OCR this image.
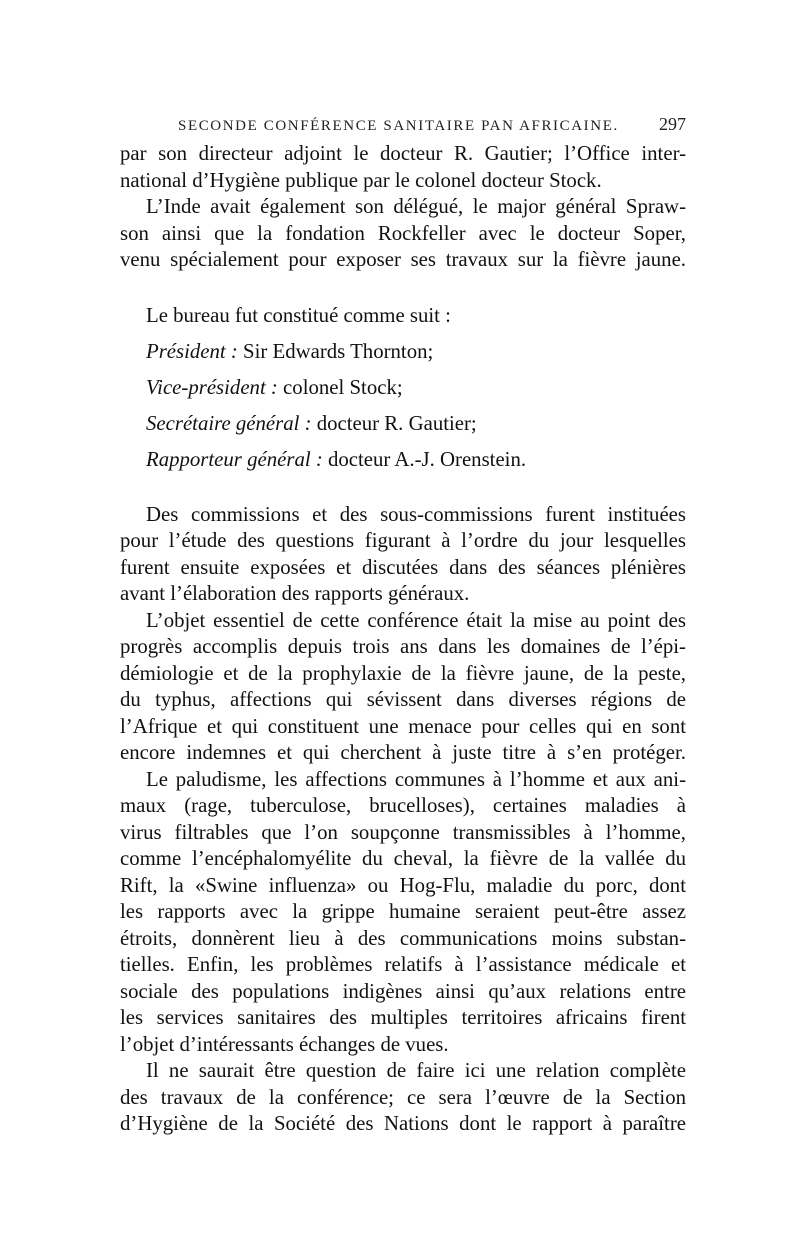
SECONDE CONFÉRENCE SANITAIRE PAN AFRICAINE. 297

par son directeur adjoint le docteur R. Gautier; l’Office inter-
national d’Hygiène publique par le colonel docteur Stock.

L’Inde avait également son délégué, le major général Spraw-
son ainsi que la fondation Rockfeller avec le docteur Soper,
venu spécialement pour exposer ses travaux sur la fièvre jaune.

Le bureau fut constitué comme suit :
Président : Sir Edwards Thornton;
Vice-président : colonel Stock;
Secrétaire général : docteur R. Gautier;
Rapporteur général : docteur A.-J. Orenstein.

Des commissions et des sous-commissions furent instituées
pour l’étude des questions figurant à l’ordre du jour lesquelles
furent ensuite exposées et discutées dans des séances plénières
avant l’élaboration des rapports généraux.

L’objet essentiel de cette conférence était la mise au point des
progrès accomplis depuis trois ans dans les domaines de l’épi-
démiologie et de la prophylaxie de la fièvre jaune, de la peste,
du typhus, affections qui sévissent dans diverses régions de
l’Afrique et qui constituent une menace pour celles qui en sont
encore indemnes et qui cherchent à juste titre à s’en protéger.

Le paludisme, les affections communes à l’homme et aux ani-
maux (rage, tuberculose, brucelloses), certaines maladies à
virus filtrables que l’on soupçonne transmissibles à l’homme,
comme l’encéphalomyélite du cheval, la fièvre de la vallée du
Rift, la «Swine influenza» ou Hog-Flu, maladie du porc, dont
les rapports avec la grippe humaine seraient peut-être assez
étroits, donnèrent lieu à des communications moins substan-
tielles. Enfin, les problèmes relatifs à l’assistance médicale et
sociale des populations indigènes ainsi qu’aux relations entre
les services sanitaires des multiples territoires africains firent
l’objet d’intéressants échanges de vues.

Il ne saurait être question de faire ici une relation complète
des travaux de la conférence; ce sera l’œuvre de la Section
d’Hygiène de la Société des Nations dont le rapport à paraître
